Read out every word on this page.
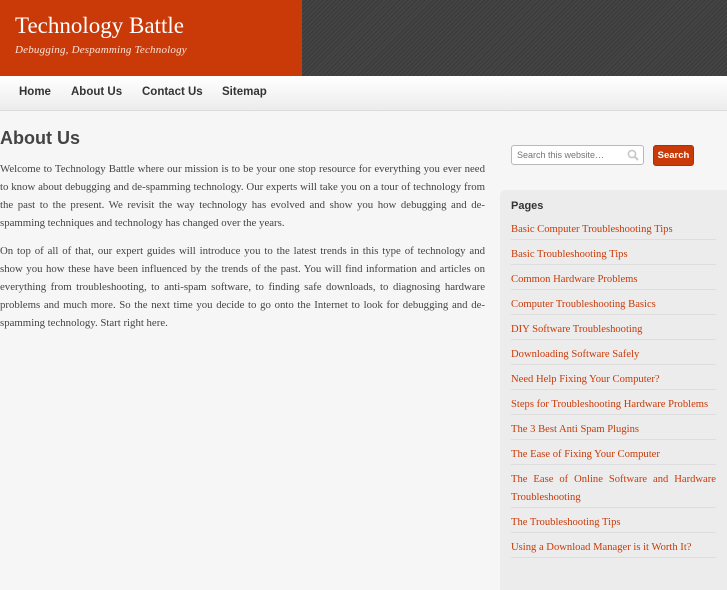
Technology Battle
Debugging, Despamming Technology
Home About Us Contact Us Sitemap
About Us

Welcome to Technology Battle where our mission is to be your one stop resource for everything you ever need to know about debugging and de-spamming technology. Our experts will take you on a tour of technology from the past to the present. We revisit the way technology has evolved and show you how debugging and de-spamming techniques and technology has changed over the years.

On top of all of that, our expert guides will introduce you to the latest trends in this type of technology and show you how these have been influenced by the trends of the past. You will find information and articles on everything from troubleshooting, to anti-spam software, to finding safe downloads, to diagnosing hardware problems and much more. So the next time you decide to go onto the Internet to look for debugging and de-spamming technology. Start right here.

Search this website…
Search
Pages
Basic Computer Troubleshooting Tips
Basic Troubleshooting Tips
Common Hardware Problems
Computer Troubleshooting Basics
DIY Software Troubleshooting
Downloading Software Safely
Need Help Fixing Your Computer?
Steps for Troubleshooting Hardware Problems
The 3 Best Anti Spam Plugins
The Ease of Fixing Your Computer
The Ease of Online Software and Hardware Troubleshooting
The Troubleshooting Tips
Using a Download Manager is it Worth It?
